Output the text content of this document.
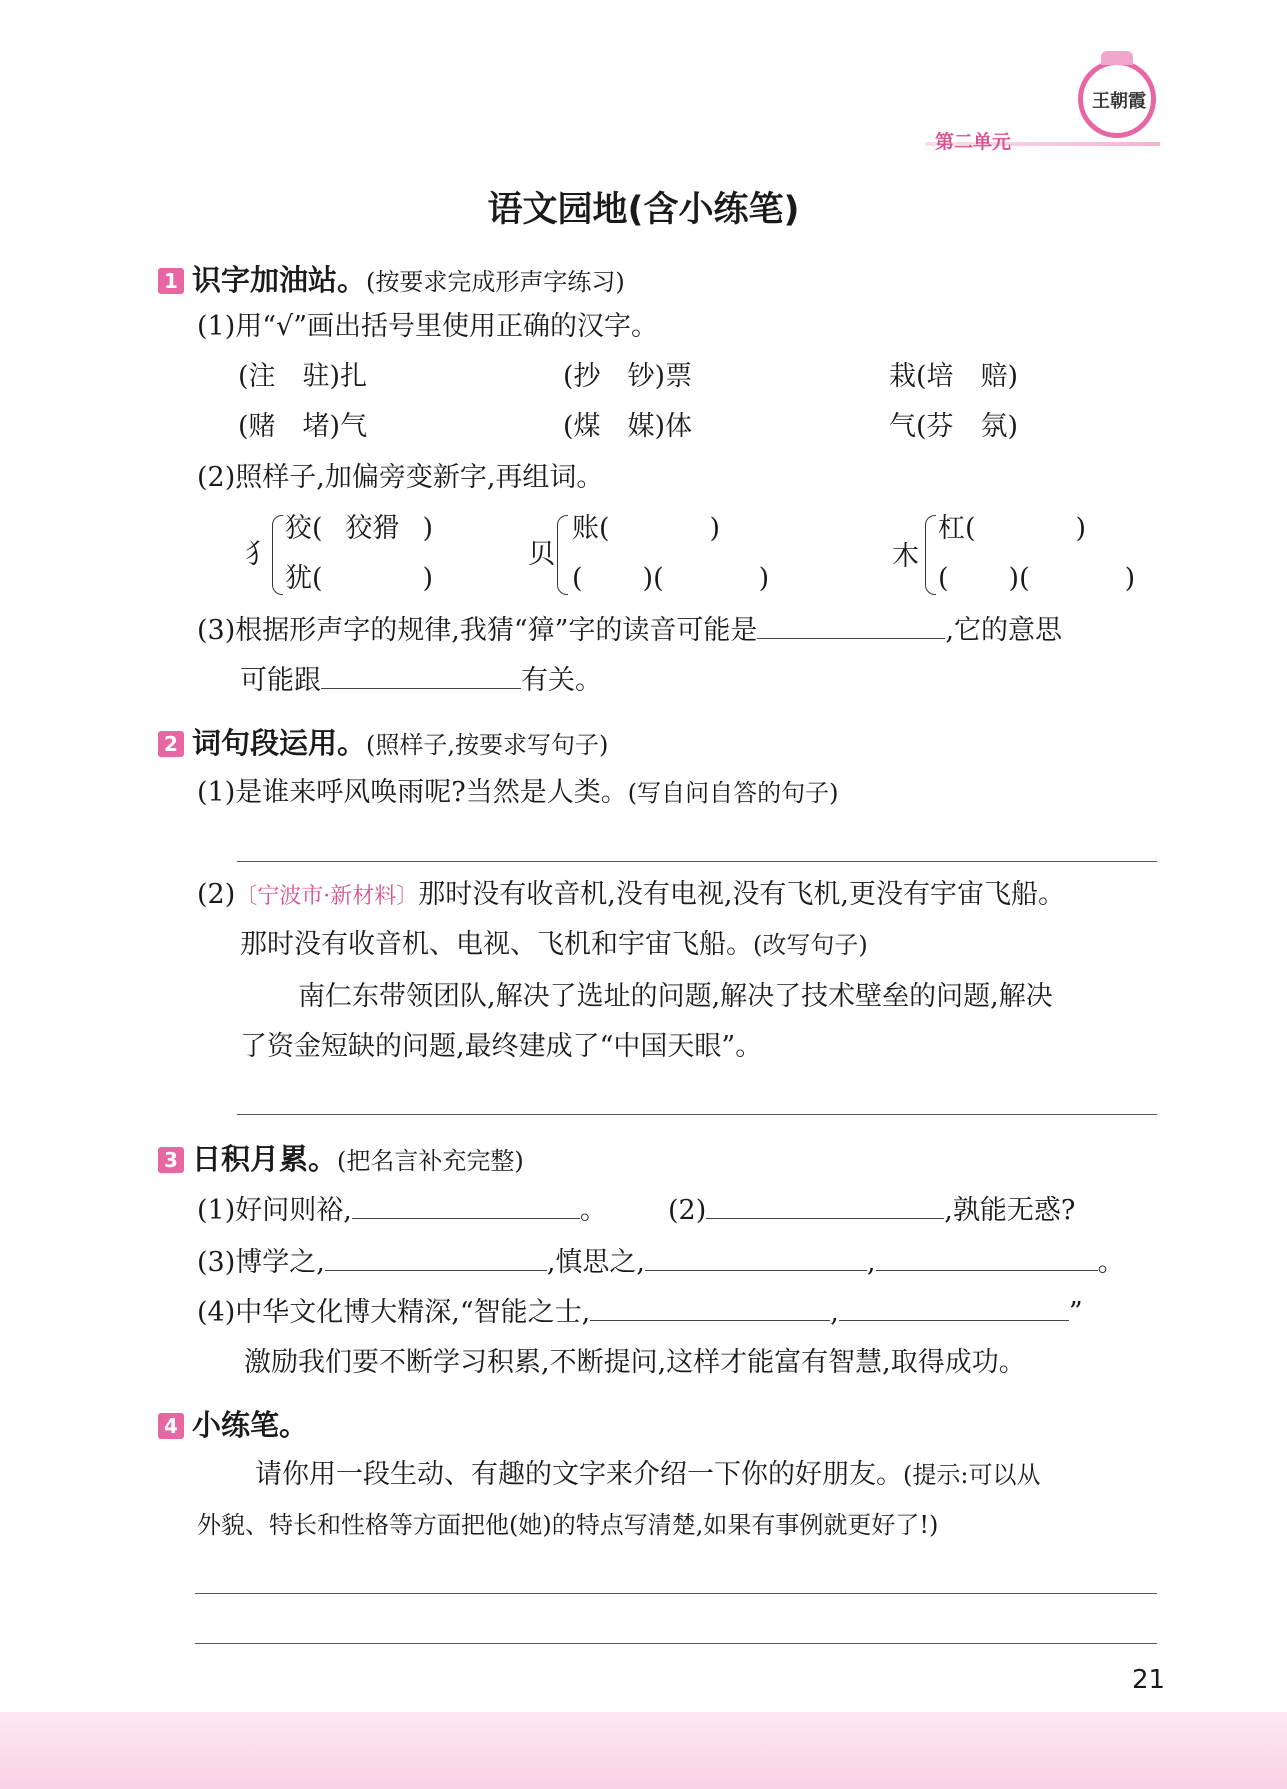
第二单元
王朝霞
语文园地(含小练笔)
1 识字加油站。(按要求完成形声字练习)
(1)用“√”画出括号里使用正确的汉字。
(注　驻)扎	(抄　钞)票	栽(培　赔)
(赌　堵)气	(煤　媒)体	气(芬　氛)
(2)照样子,加偏旁变新字,再组词。
犭
狡( 狡猾 )
犹(	)
贝
账(	)
( )(	)
木
杠(	)
( )(	)
(3)根据形声字的规律,我猜“獐”字的读音可能是	,它的意思
可能跟	有关。
2 词句段运用。(照样子,按要求写句子)
(1)是谁来呼风唤雨呢?当然是人类。(写自问自答的句子)
(2)〔宁波市·新材料〕那时没有收音机,没有电视,没有飞机,更没有宇宙飞船。
那时没有收音机、电视、飞机和宇宙飞船。(改写句子)
南仁东带领团队,解决了选址的问题,解决了技术壁垒的问题,解决
了资金短缺的问题,最终建成了“中国天眼”。
3 日积月累。(把名言补充完整)
(1)好问则裕,	。 (2)	,孰能无惑?
(3)博学之,	,慎思之,	,	。
(4)中华文化博大精深,“智能之士,	,	”
激励我们要不断学习积累,不断提问,这样才能富有智慧,取得成功。
4 小练笔。
请你用一段生动、有趣的文字来介绍一下你的好朋友。(提示:可以从
外貌、特长和性格等方面把他(她)的特点写清楚,如果有事例就更好了!)
21
